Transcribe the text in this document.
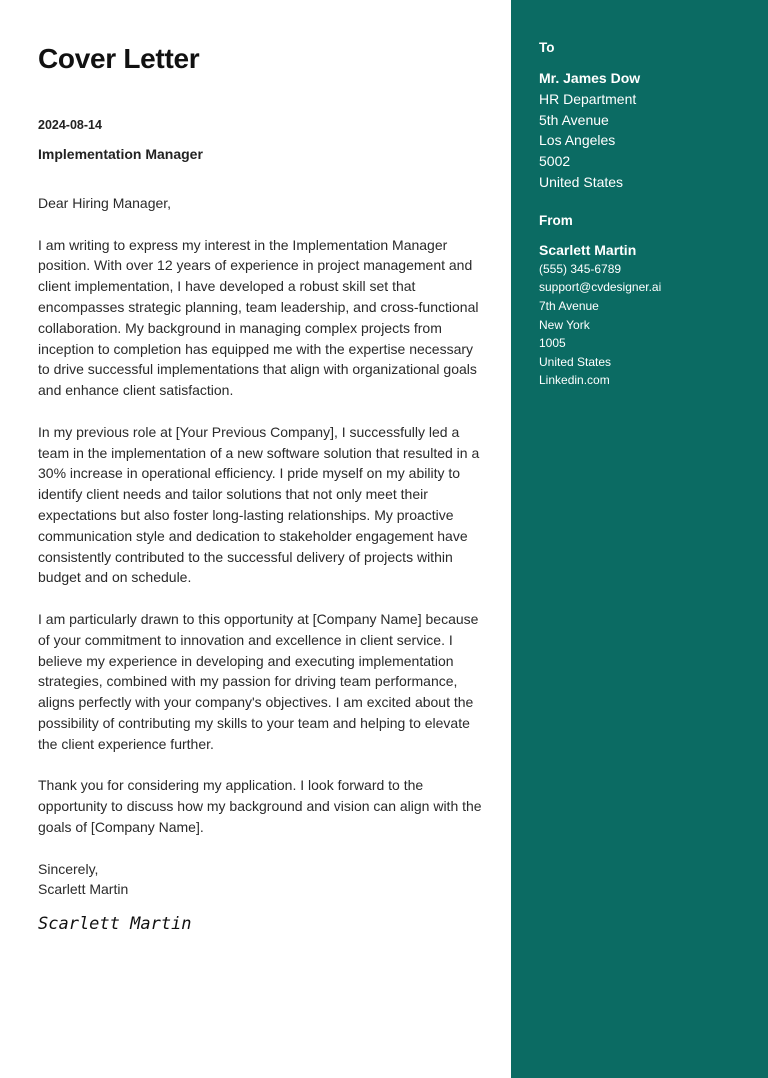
Cover Letter
2024-08-14
Implementation Manager
Dear Hiring Manager,
I am writing to express my interest in the Implementation Manager position. With over 12 years of experience in project management and client implementation, I have developed a robust skill set that encompasses strategic planning, team leadership, and cross-functional collaboration. My background in managing complex projects from inception to completion has equipped me with the expertise necessary to drive successful implementations that align with organizational goals and enhance client satisfaction.
In my previous role at [Your Previous Company], I successfully led a team in the implementation of a new software solution that resulted in a 30% increase in operational efficiency. I pride myself on my ability to identify client needs and tailor solutions that not only meet their expectations but also foster long-lasting relationships. My proactive communication style and dedication to stakeholder engagement have consistently contributed to the successful delivery of projects within budget and on schedule.
I am particularly drawn to this opportunity at [Company Name] because of your commitment to innovation and excellence in client service. I believe my experience in developing and executing implementation strategies, combined with my passion for driving team performance, aligns perfectly with your company's objectives. I am excited about the possibility of contributing my skills to your team and helping to elevate the client experience further.
Thank you for considering my application. I look forward to the opportunity to discuss how my background and vision can align with the goals of [Company Name].
Sincerely,
Scarlett Martin
Scarlett Martin
To
Mr. James Dow
HR Department
5th Avenue
Los Angeles
5002
United States
From
Scarlett Martin
(555) 345-6789
support@cvdesigner.ai
7th Avenue
New York
1005
United States
Linkedin.com
